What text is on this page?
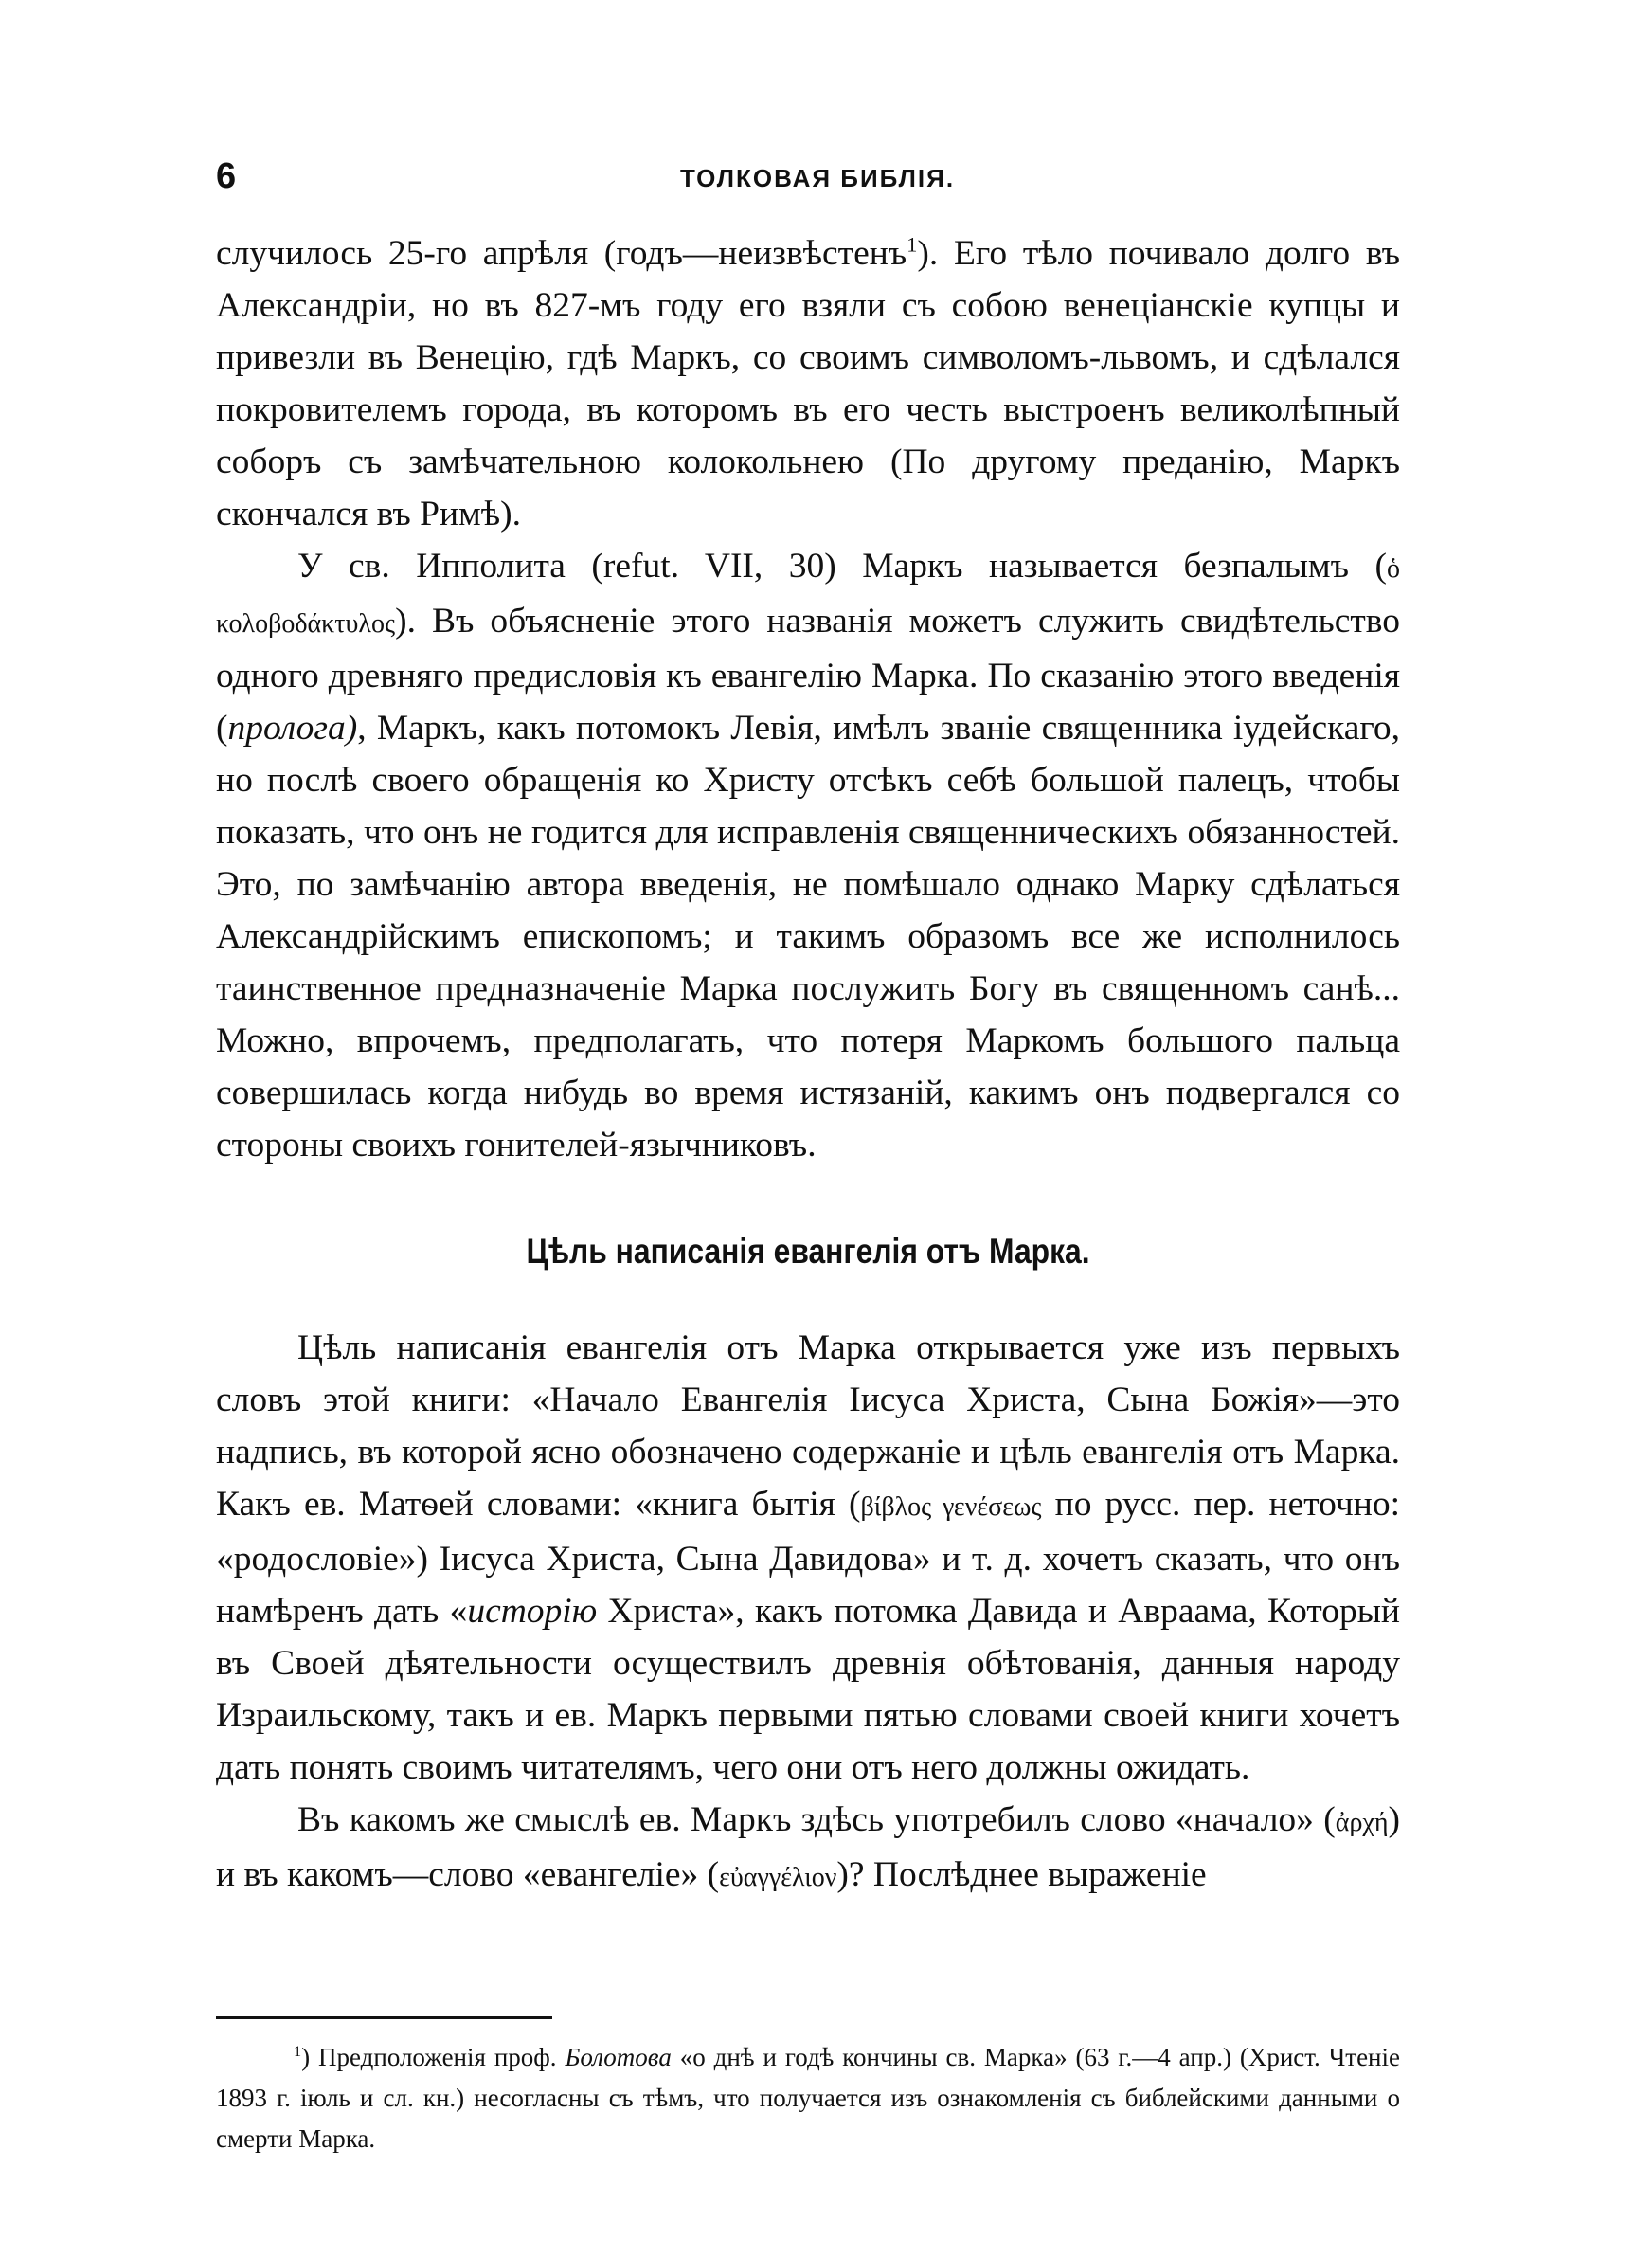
6	ТОЛКОВАЯ БИБЛІЯ.

случилось 25-го апрѣля (годъ—неизвѣстенъ$^1$). Его тѣло почивало долго въ Александріи, но въ 827-мъ году его взяли съ собою венеціанскіе купцы и привезли въ Венецію, гдѣ Маркъ, со своимъ символомъ-львомъ, и сдѣлался покровителемъ города, въ которомъ въ его честь выстроенъ великолѣпный соборъ съ замѣчательною колокольнею (По другому преданію, Маркъ скончался въ Римѣ).

У св. Ипполита (refut. VII, 30) Маркъ называется безпалымъ (ὁ κολοβοδάκτυλος). Въ объясненіе этого названія можетъ служить свидѣтельство одного древняго предисловія къ евангелію Марка. По сказанію этого введенія (пролога), Маркъ, какъ потомокъ Левія, имѣлъ званіе священника іудейскаго, но послѣ своего обращенія ко Христу отсѣкъ себѣ большой палецъ, чтобы показать, что онъ не годится для исправленія священническихъ обязанностей. Это, по замѣчанію автора введенія, не помѣшало однако Марку сдѣлаться Александрійскимъ епископомъ; и такимъ образомъ все же исполнилось таинственное предназначеніе Марка послужить Богу въ священномъ санѣ... Можно, впрочемъ, предполагать, что потеря Маркомъ большого пальца совершилась когда нибудь во время истязаній, какимъ онъ подвергался со стороны своихъ гонителей-язычниковъ.

Цѣль написанія евангелія отъ Марка.

Цѣль написанія евангелія отъ Марка открывается уже изъ первыхъ словъ этой книги: «Начало Евангелія Іисуса Христа, Сына Божія»—это надпись, въ которой ясно обозначено содержаніе и цѣль евангелія отъ Марка. Какъ ев. Матѳей словами: «книга бытія (βίβλος γενέσεως по русс. пер. неточно: «родословіе») Іисуса Христа, Сына Давидова» и т. д. хочетъ сказать, что онъ намѣренъ дать «исторію Христа», какъ потомка Давида и Авраама, Который въ Своей дѣятельности осуществилъ древнія обѣтованія, данныя народу Израильскому, такъ и ев. Маркъ первыми пятью словами своей книги хочетъ дать понять своимъ читателямъ, чего они отъ него должны ожидать.

Въ какомъ же смыслѣ ев. Маркъ здѣсь употребилъ слово «начало» (ἀρχή) и въ какомъ—слово «евангеліе» (εὐαγγέλιον)? Послѣднее выраженіе

$^1$) Предположенія проф. Болотова «о днѣ и годѣ кончины св. Марка» (63 г.—4 апр.) (Христ. Чтеніе 1893 г. іюль и сл. кн.) несогласны съ тѣмъ, что получается изъ ознакомленія съ библейскими данными о смерти Марка.
